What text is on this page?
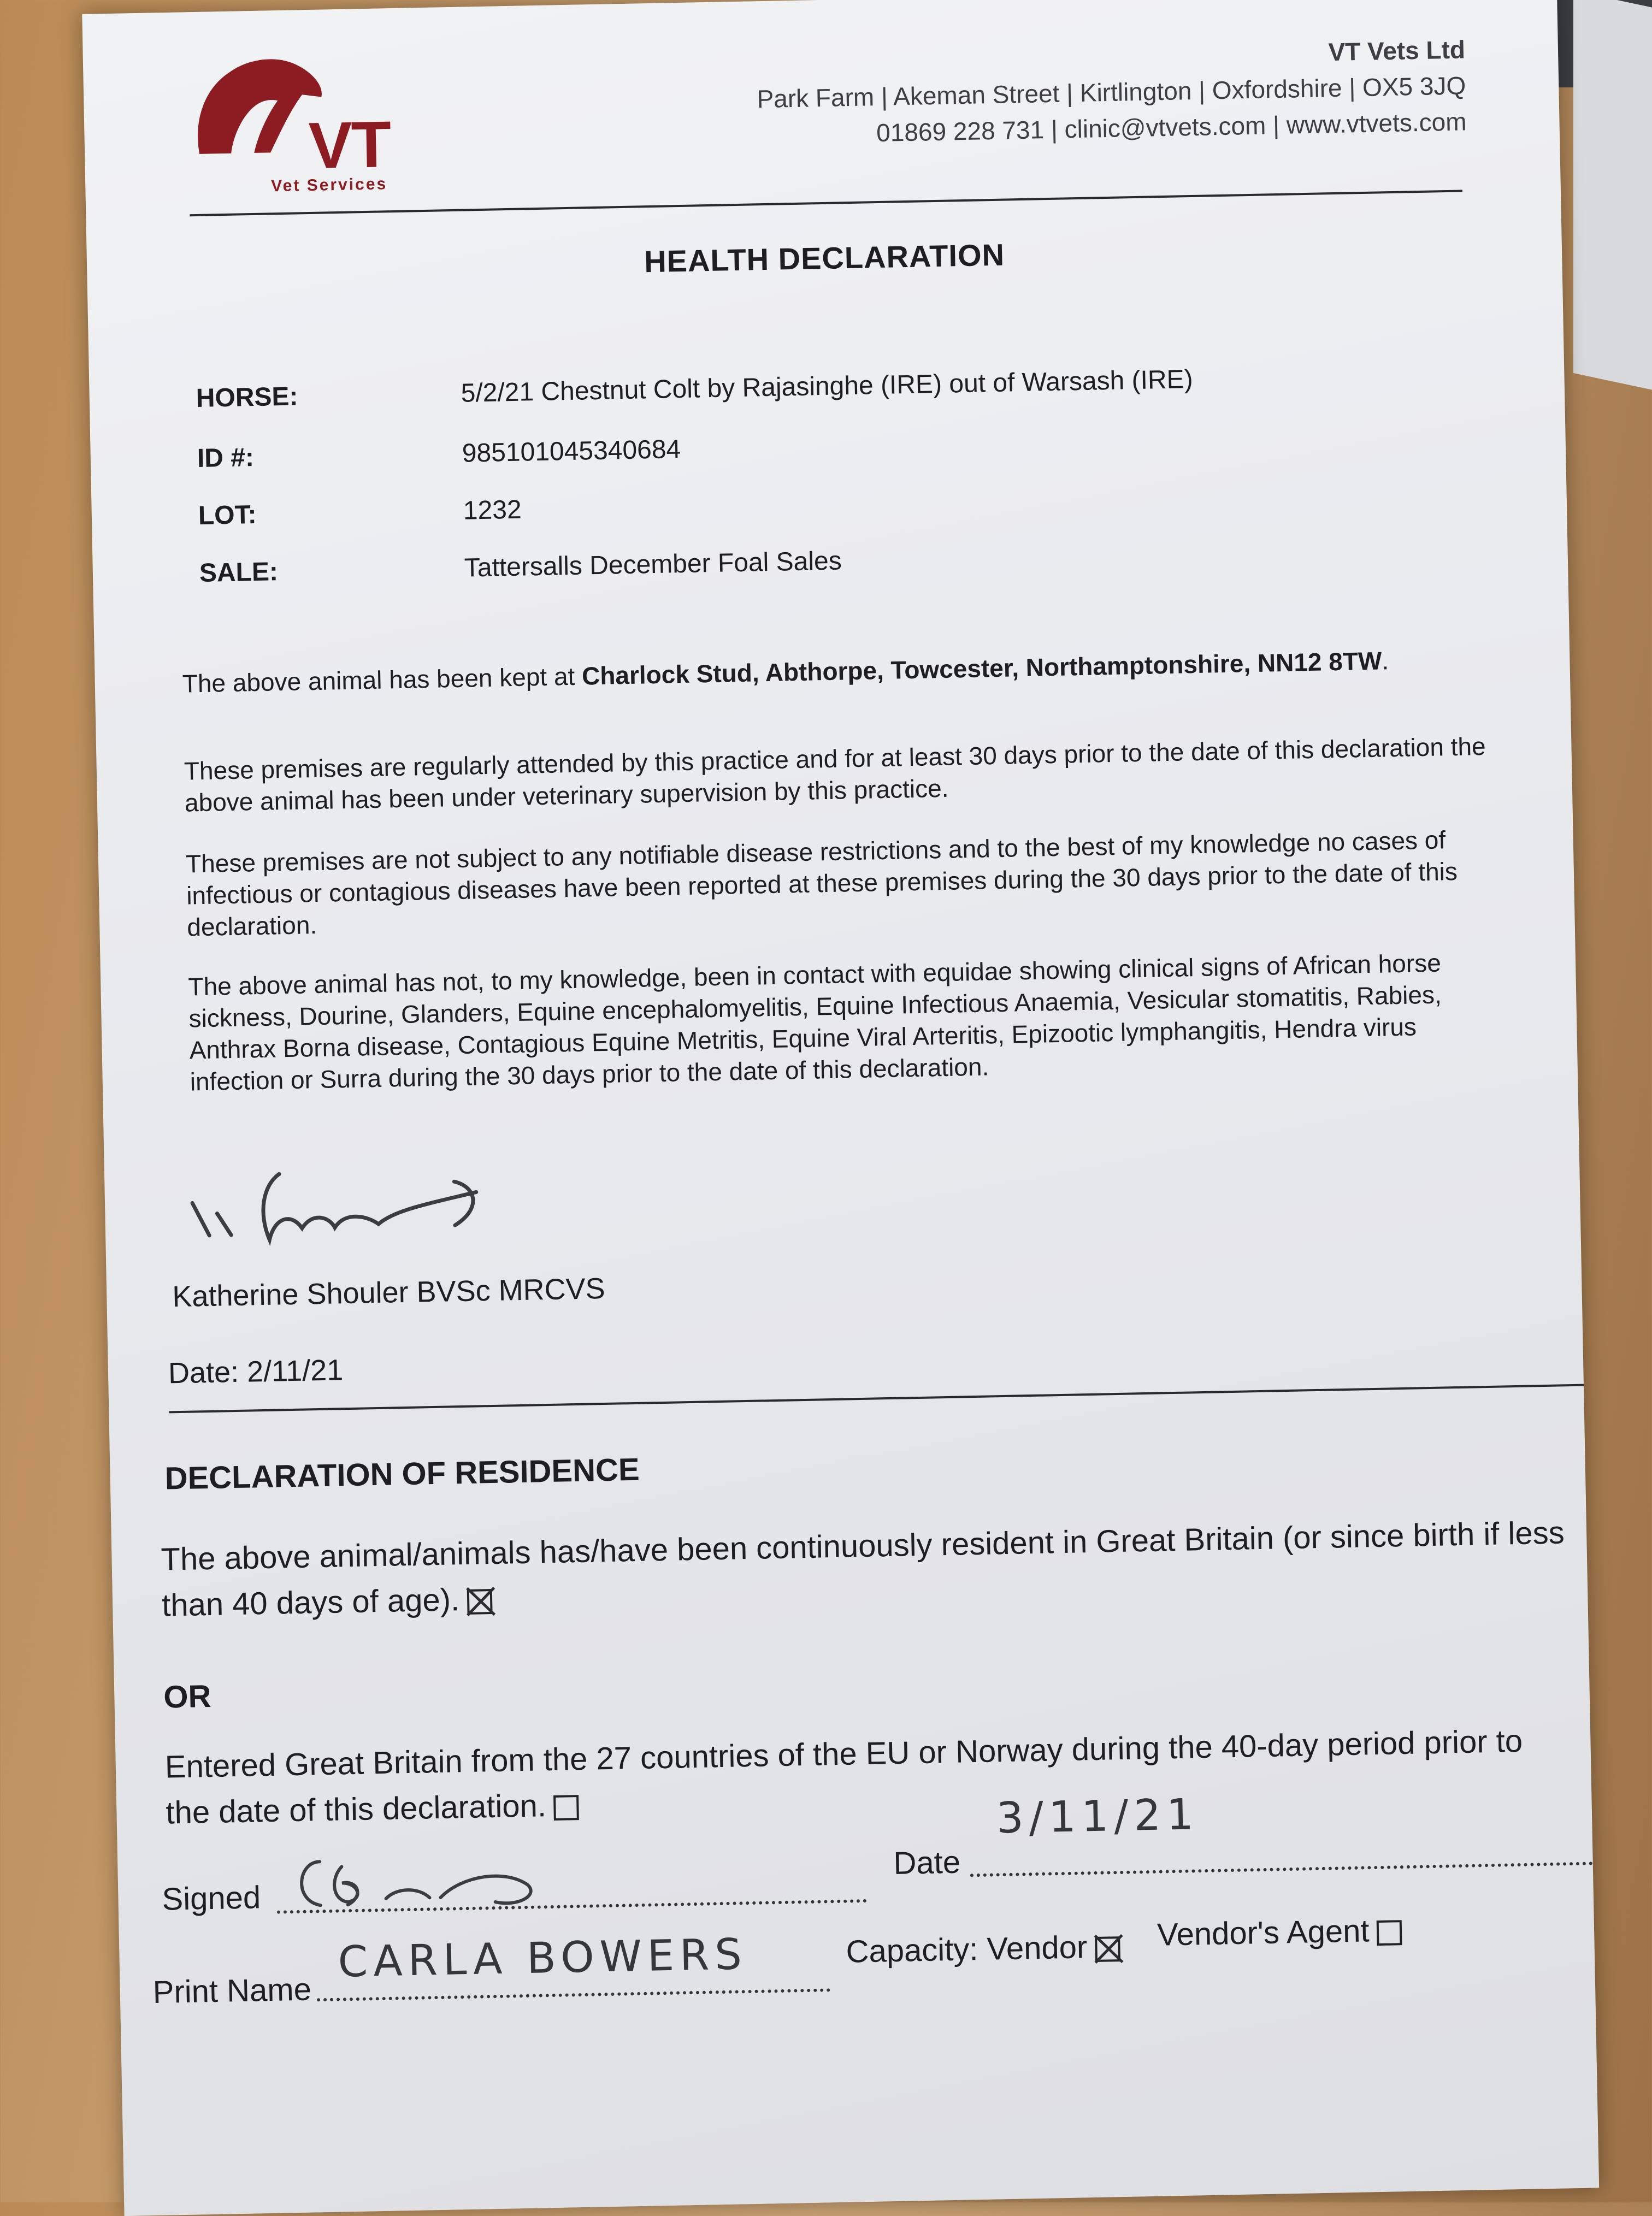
VT
Vet Services
VT Vets Ltd
Park Farm | Akeman Street | Kirtlington | Oxfordshire | OX5 3JQ
01869 228 731 | clinic@vtvets.com | www.vtvets.com
HEALTH DECLARATION
HORSE:	5/2/21 Chestnut Colt by Rajasinghe (IRE) out of Warsash (IRE)
ID #:	985101045340684
LOT:	1232
SALE:	Tattersalls December Foal Sales
The above animal has been kept at Charlock Stud, Abthorpe, Towcester, Northamptonshire, NN12 8TW.
These premises are regularly attended by this practice and for at least 30 days prior to the date of this declaration the above animal has been under veterinary supervision by this practice.
These premises are not subject to any notifiable disease restrictions and to the best of my knowledge no cases of infectious or contagious diseases have been reported at these premises during the 30 days prior to the date of this declaration.
The above animal has not, to my knowledge, been in contact with equidae showing clinical signs of African horse sickness, Dourine, Glanders, Equine encephalomyelitis, Equine Infectious Anaemia, Vesicular stomatitis, Rabies, Anthrax Borna disease, Contagious Equine Metritis, Equine Viral Arteritis, Epizootic lymphangitis, Hendra virus infection or Surra during the 30 days prior to the date of this declaration.
Katherine Shouler BVSc MRCVS
Date: 2/11/21
DECLARATION OF RESIDENCE
The above animal/animals has/have been continuously resident in Great Britain (or since birth if less than 40 days of age).
OR
Entered Great Britain from the 27 countries of the EU or Norway during the 40-day period prior to the date of this declaration.
Signed
Date
3/11/21
Print Name
CARLA BOWERS	Capacity: Vendor	Vendor's Agent
